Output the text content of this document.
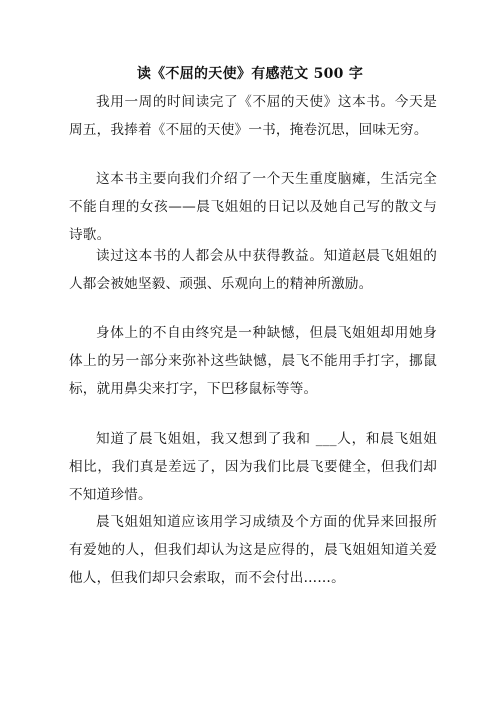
读《不屈的天使》有感范文 500 字
我用一周的时间读完了《不屈的天使》这本书。今天是周五，我捧着《不屈的天使》一书，掩卷沉思，回味无穷。
这本书主要向我们介绍了一个天生重度脑瘫，生活完全不能自理的女孩——晨飞姐姐的日记以及她自己写的散文与诗歌。
读过这本书的人都会从中获得教益。知道赵晨飞姐姐的人都会被她坚毅、顽强、乐观向上的精神所激励。
身体上的不自由终究是一种缺憾，但晨飞姐姐却用她身体上的另一部分来弥补这些缺憾，晨飞不能用手打字，挪鼠标，就用鼻尖来打字，下巴移鼠标等等。
知道了晨飞姐姐，我又想到了我和 ___人，和晨飞姐姐相比，我们真是差远了，因为我们比晨飞要健全，但我们却不知道珍惜。
晨飞姐姐知道应该用学习成绩及个方面的优异来回报所有爱她的人，但我们却认为这是应得的，晨飞姐姐知道关爱他人，但我们却只会索取，而不会付出……。
